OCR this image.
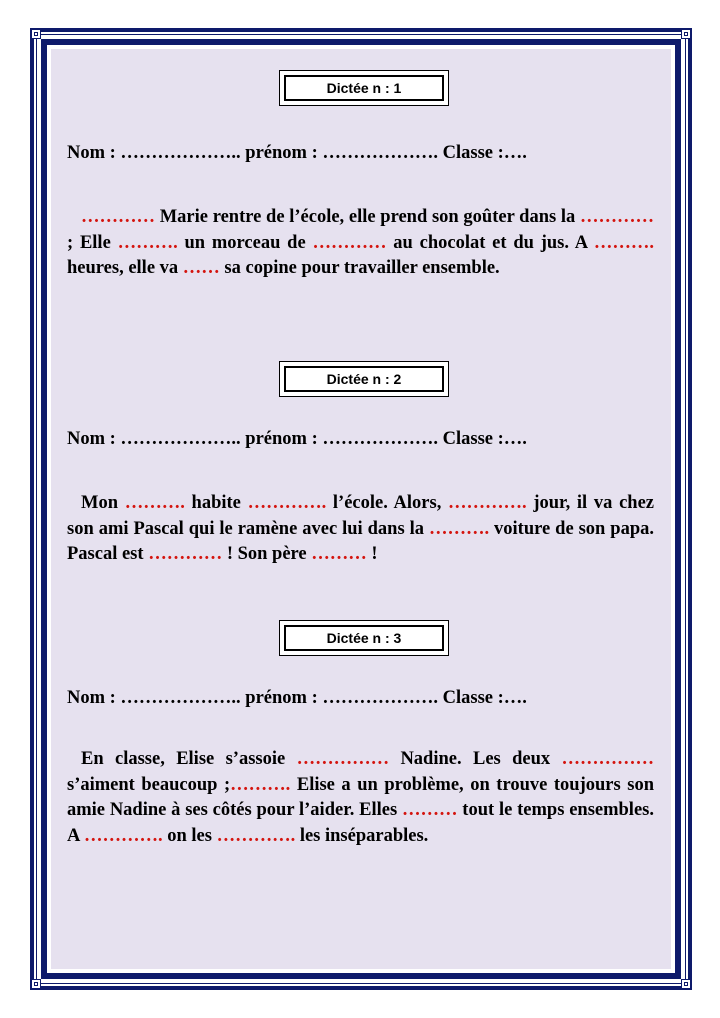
Dictée n : 1
Nom : ……………….. prénom : ………………. Classe :….
………… Marie rentre de l’école, elle prend son goûter dans la ………… ; Elle ………. un morceau de ………… au chocolat et du jus. A ………. heures, elle va …… sa copine pour travailler ensemble.
Dictée n : 2
Nom : ……………….. prénom : ………………. Classe :….
Mon ………. habite …………. l’école. Alors, …………. jour, il va chez son ami Pascal qui le ramène avec lui dans la ………. voiture de son papa. Pascal est ………… ! Son père ……… !
Dictée n : 3
Nom : ……………….. prénom : ………………. Classe :….
En classe, Elise s’assoie …………… Nadine. Les deux …………… s’aiment beaucoup ;………. Elise a un problème, on trouve toujours son amie Nadine à ses côtés pour l’aider. Elles ……… tout le temps ensembles. A …………. on les …………. les inséparables.
